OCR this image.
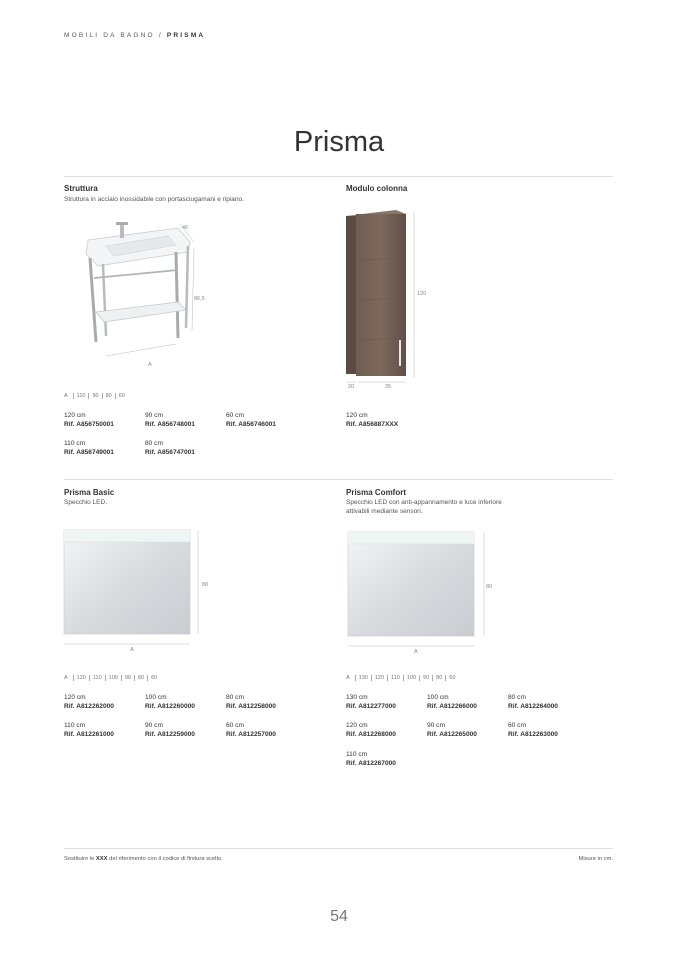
MOBILI DA BAGNO / PRISMA
Prisma
Struttura
Struttura in acciaio inossidabile con portasciugamani e ripiano.
46
86,5
A
A 110 90 80 60
120 cm
Rif. A856750001
90 cm
Rif. A856748001
60 cm
Rif. A856746001
110 cm
Rif. A856749001
80 cm
Rif. A856747001
Modulo colonna
120
20	35
120 cm
Rif. A856887XXX
Prisma Basic
Specchio LED.
80
A
A 120 110 100 90 80 60
120 cm
Rif. A812262000
100 cm
Rif. A812260000
80 cm
Rif. A812258000
110 cm
Rif. A812261000
90 cm
Rif. A812259000
60 cm
Rif. A812257000
Prisma Comfort
Specchio LED con anti-appannamento e luce inferiore
attivabili mediante sensori.
80
A
A 130 120 110 100 90 80 60
130 cm
Rif. A812277000
100 cm
Rif. A812266000
80 cm
Rif. A812264000
120 cm
Rif. A812268000
90 cm
Rif. A812265000
60 cm
Rif. A812263000
110 cm
Rif. A812267000
Sostituire le XXX del riferimento con il codice di finitura scelto.	Misure in cm.
54
